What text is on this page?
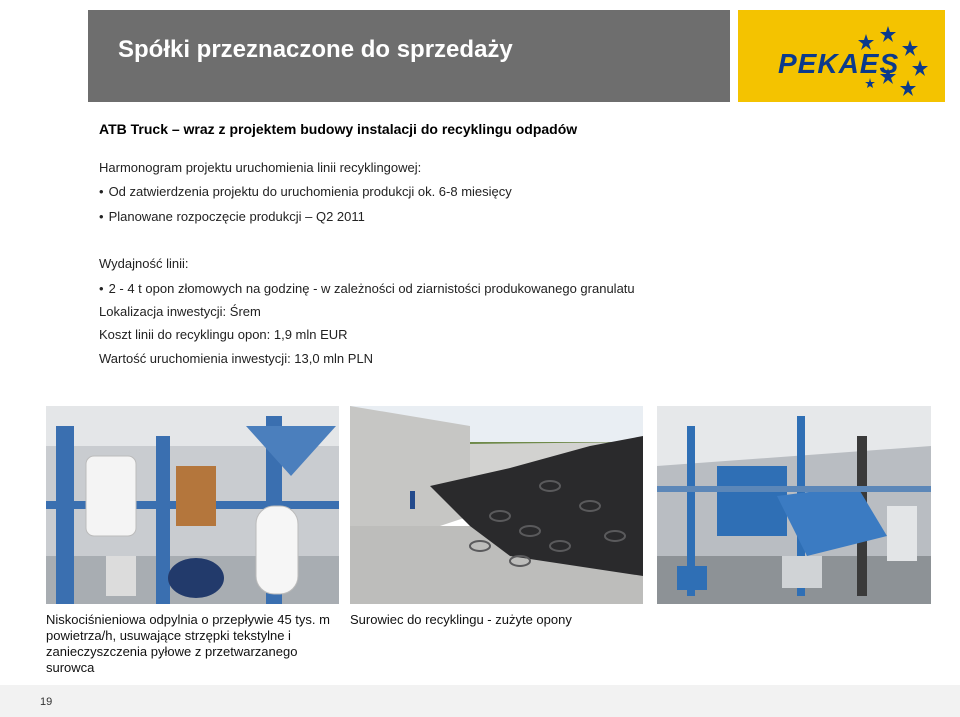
Spółki przeznaczone do sprzedaży	PEKAES
ATB Truck – wraz z projektem budowy instalacji do recyklingu odpadów
Harmonogram projektu uruchomienia linii recyklingowej:
• Od zatwierdzenia projektu do uruchomienia produkcji ok. 6-8 miesięcy
• Planowane rozpoczęcie produkcji – Q2 2011
Wydajność linii:
• 2 - 4 t opon złomowych na godzinę - w zależności od ziarnistości produkowanego granulatu
Lokalizacja inwestycji: Śrem
Koszt linii do recyklingu opon: 1,9 mln EUR
Wartość uruchomienia inwestycji: 13,0 mln PLN
Niskociśnieniowa odpylnia o przepływie 45 tys. m powietrza/h, usuwające strzępki tekstylne i zanieczyszczenia pyłowe z przetwarzanego surowca
Surowiec do recyklingu - zużyte opony
19
